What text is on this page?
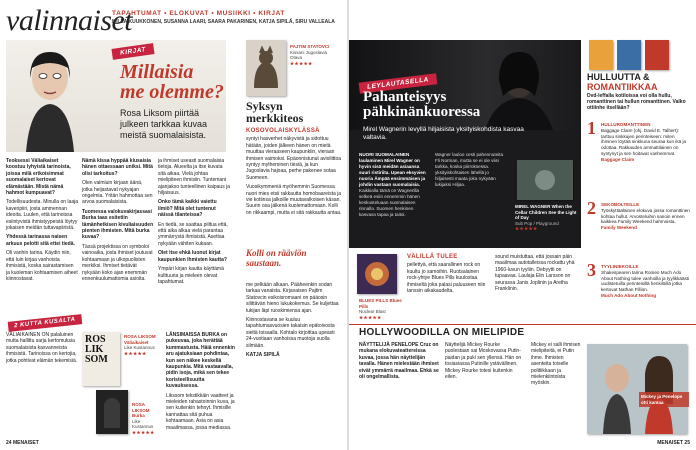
valinnaiset
TAPAHTUMAT • ELOKUVAT • MUSIIKKI • KIRJAT
MILLA KUUKKONEN, SUSANNA LAARI, SAARA PAKARINEN, KATJA SIPILÄ, SIRU VALLEALA
KIRJAT
Millaisia
me olemme?
Rosa Liksom piirtää julkeen tarkkaa kuvaa meistä suomalaisista.

Teoksessi Väliaikaiset koostuu lyhyistä tarinoista, joissa milä erikoisimmat suomalaiset kertovat elämästään. Mistä nämä hahmot kumpuavat?

Todellisuudesta. Minulla on laaja kaveripiiri, josta ammennan ideoita. Luulen, että tarinoissa esiintyvistä ihmistyypeistä löytyy jokaisen meidän tuttavapiiristä.

Yhdessä tarinassa naisen arkuus pelotti sitä ettei tiedä.

Oli vanhin tarina. Käydin niin, että luin kirjaa vanhoista ihmisistä, koska sairastamisen ja kuoleman kohtaamisen aiheet kiinnostavat.

Nämä kissa hyppää kiusaisia hänen ottaessaan uniksi. Mitä olisi tarkoitus?

Olen valmiuin kirjaan äänä, jotka heijastavat nykyajan ongelmia. Yritän hahmottaa sen arvoa suomalaisista.

Tuomessa valokuvakirjassasi Burka taas esitetiin tämänhetkisen kivuliaisuuden pienten ihmisten. Mitä burka kuvaa?

Tässä projektissa on symboloi vainoaika, josta ihmiset joutuvat kohtaamaan ja ulkopuolisten merkiksi. Ihmiset tietävät nykyään koko ajan enemmän ennenkuulumattomia asioita.

ja ihmiset useasti suomalaisia tietoja. Alueelta ja itse kuvata sitä aikaa. Vielä johtaa mielipiteen ihmisiin. Tuntemani ajanjakso tunteellinen kaipaus ja hiljaisuus.

Onko tämä kaikki vaiettu ilmiö? Mitä olet tuntenut näissä tilanteissa?

En tiedä, se saattaa piiltua että, että aika alkaa vielä parantaa ymmärrystä ihmisistä. Asettaa nykyään vähiten kukaan.

Olet itse ehkä luonut kirjat kaupunkien ihmisten kautta?

Ympäri kirjan kautta käyttämä kulttuuria ja mieleen olevat tapahtumat.

2 KUTTA KUSALTA

VÄLIAIKAINEN ON palaluinen mutta hallittu sarja kertomuksia suomalaisista kasvanneista ihmisistä. Tarinoissa on kertojia, jotka pohtivat elämän tekemisiä.

ROS LIK SOM
ROSA LIKSOM Väliaikaiset
Like Kustannus
★★★★★
ROSA LIKSOM Burka
Like Kustannus
★★★★★

LÄNSIMAISSA BURKA on pukeuvaa, joka herättää kummastusta. Häiä ennenkin aru ajatuksiaan pohdintaa, kun sen näkee keskellä kaupunkia. Mitä vastaavalla, pidin isoja, mikä sen tekee koristeellisuutta kuvauksessa.

Likssom tekstikkäin vaatteet ja mieleiden rahastoinnin kuva, ja sen kuitenkin tehnyt. Ihmisille kannattaa sitä puhua kohtaamaan. Asia on asia maailmassa, jossa mediassa.

PAJTIM STATOVCI
Kissani Jugoslavia
Otava
★★★★★
Syksyn
merkkiteos
KOSOVOLAISKYLÄSSÄ

syntyi hasverhet näkyvistä ja sidottuu hätään, joiden jälkeen hänen on mietä muuttaa vieraaseen kaupunkiin, vieraan ihmisen vaimoksi. Epäonnistunut avioliittoa syntyy mytheminen tiesiä, ja kun Jugoslavia hajoaa, perhe pakenee sotaa Suomeen.

Vuosikymmeniä myöhemmin Suomessa nuori mies etsii rakkautta homobaareista ja vie kotiinsa jalkoille muutavalkoisen käsan. Suurin osa jälkenä kuolemattomaan. Kolli on rikkaampi, mutta ei sitä rakkautta antaa.

Kolli on rääviön saustaan.

me pelkään alkaan. Pääheenkin sodan tarkaa vanaista. Kirjavaisen Pajtim Statovcin esikoisromaani on pääosin silittävän hieno lukukokemus. Se kuljettaa lukijan läpi ruoskimiensa ajan.

Kiinnostavana se kuuluu tapahtumasvuosien takaisin epätoivosta sieltä toisaalla. Kohtalo kirjoittaa upeasti 24-vuotiaan vanhoissa muotoja suolla silmään.

KATJA SIPILÄ

24 MENAISET
LEYLAUTASELLA
Pahanteisyys
pähkinänkuoressa
Mirel Wagnerin levyllä hiljaisista yksityiskohdista kasvaa valtavia.

NUORI SUOMALAINEN laulaminen Mirel Wagner on hyvin sisä meidän asiaansa suuri ristiriita. Upean eksyvien nuoria Ämpää ensimmäisen ja johdin vastaan suomalaisia.

Kaikkialla tämä on Wagnerilla selkeä esiin ennemmin hänen keskusteluaan suomalaisen rinnalla. Suomen henkinen kasvava tapaa ja taitoi.

Wagner lauloo cesti pahennuteita Fli Norman, mutta se ei ole viisi tarkka, koska piirroksessa.

yksityiskohtaisen lähellä jo hiljaisesti maata joka nykyään lukijaksi Hiljaa.

MIREL WAGNER When the Cellar Children See the Light of Day
Sub Pop / Playground
★★★★★
BLUES PILLS Blues Pills
Nuclear Blast
★★★★★
VÄLILLÄ TULEE

pellettyä, että saarallinen rock on kuultu jo samoihin. Ruotsalainen rock-yhtye Blues Pills kuulostaa ihmiseltä joka palasi paluuseen niin tanssin aikakaudelta.

sound muistuttaa, että jossain päin maailmaa autotalleissa rockattu yhä 1960-luvun tyyliin. Debyytti on tupaavaa. Laulaja Elin Larsson on seurassa Janis Joplinin ja Aretha Franklinin.

HOLLYWOODILLA ON MIELIPIDE

NÄYTTELIJÄ PENELOPE Cruz on mukana elokuvateattereissa kuvaa, jossa hän näyttelijän tavalla. Hänen mielestään ihmiset eivät ymmärrä maailmaa. Ehkä se oli ongelmallista.

Näyttelijä Mickey Rourke puolestaan sai Moskovassa Putin-paidan ja puki sen yllensä. Hän on tosiasiassa Putinille ystävällinen. Mickey Rourke totesi kuitenkin eilen.

Mickey ei salli ihmisen mielipiteitä, ei Putin ihme. Ihmisten asenteita toiselle politiikkaan ja mielenkiintoista myöskin.

Mickey ja Penelope otti kantaa
HULLUUTTA &
ROMANTIIKKAA
Dvd-leffalla kotiloissa voi olla hullu, romanttinen tai hullun romanttinen. Valko ottiinhe itsellään?
1 HULLUROMANTTINEN
Baggage Claim (ohj. David E. Talbert): tarttuu sinkkujen perinteiseen: miten ihminen löytää sinkkuna seuraa kun ikä ja odottaa. Rakkauden ammattilainen on syntynyt ja sen hoitavat vanhemmat.
Baggage Claim
2 SEKOBOLTEILLE
Työskyttääläinen elokuva jossa romanttinen kohtaa hullut. Arvosteluihin sanoin ennen kaikkea Family Weekend hahmoista.
Family Weekend
3 TYYLINIEKOILLE
Shakespearen tarina Romeo Much Ado About Nothing tulee vanhoilla ja tyylikkäästi uudistetuilla perinteisillä henkilöillä jotka kertovat Nathan Fillion.
Much Ado About Nothing
MENAISET 25
